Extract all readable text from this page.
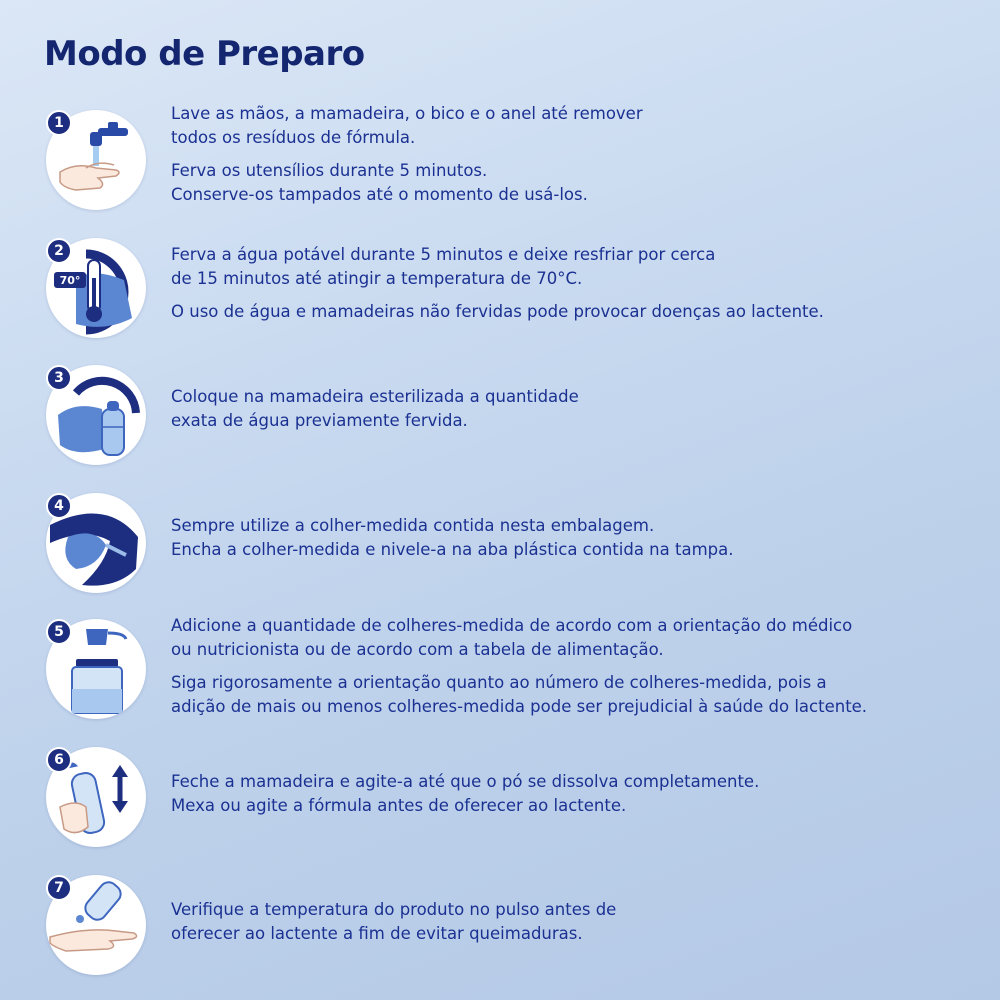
Modo de Preparo
1	Lave as mãos, a mamadeira, o bico e o anel até remover
todos os resíduos de fórmula.
Ferva os utensílios durante 5 minutos.
Conserve-os tampados até o momento de usá-los.
70°
2	Ferva a água potável durante 5 minutos e deixe resfriar por cerca
de 15 minutos até atingir a temperatura de 70°C.
O uso de água e mamadeiras não fervidas pode provocar doenças ao lactente.
3
Coloque na mamadeira esterilizada a quantidade
exata de água previamente fervida.
4
Sempre utilize a colher-medida contida nesta embalagem.
Encha a colher-medida e nivele-a na aba plástica contida na tampa.
5	Adicione a quantidade de colheres-medida de acordo com a orientação do médico
ou nutricionista ou de acordo com a tabela de alimentação.
Siga rigorosamente a orientação quanto ao número de colheres-medida, pois a
adição de mais ou menos colheres-medida pode ser prejudicial à saúde do lactente.
6
Feche a mamadeira e agite-a até que o pó se dissolva completamente.
Mexa ou agite a fórmula antes de oferecer ao lactente.
7
Verifique a temperatura do produto no pulso antes de
oferecer ao lactente a fim de evitar queimaduras.
